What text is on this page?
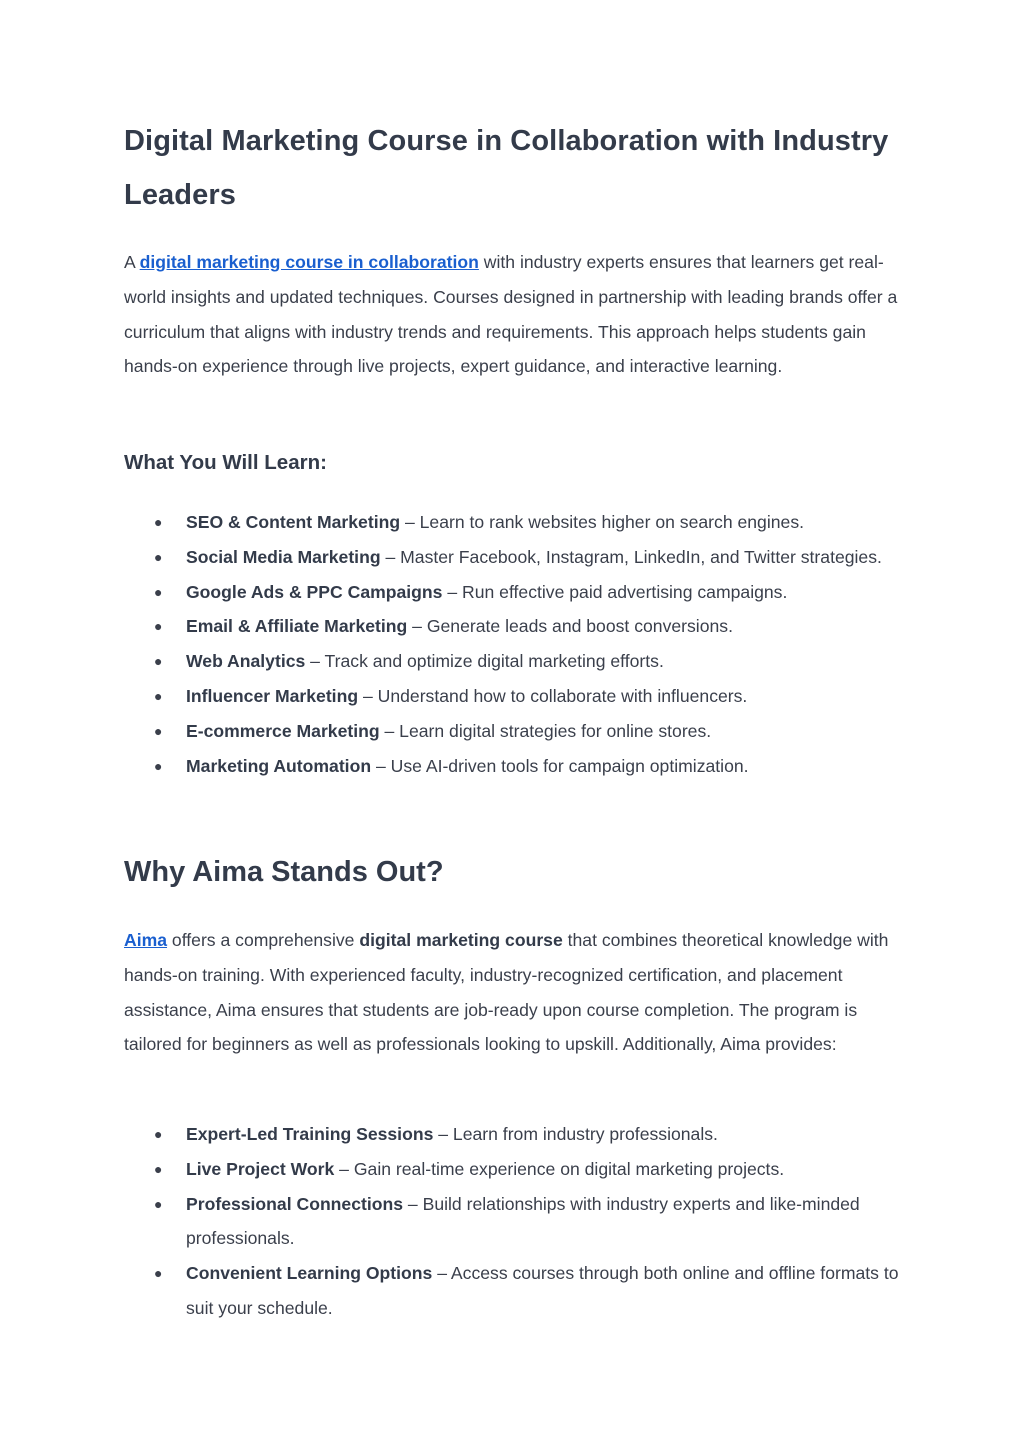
Digital Marketing Course in Collaboration with Industry Leaders

A digital marketing course in collaboration with industry experts ensures that learners get real-world insights and updated techniques. Courses designed in partnership with leading brands offer a curriculum that aligns with industry trends and requirements. This approach helps students gain hands-on experience through live projects, expert guidance, and interactive learning.

What You Will Learn:
● SEO & Content Marketing – Learn to rank websites higher on search engines.
● Social Media Marketing – Master Facebook, Instagram, LinkedIn, and Twitter strategies.
● Google Ads & PPC Campaigns – Run effective paid advertising campaigns.
● Email & Affiliate Marketing – Generate leads and boost conversions.
● Web Analytics – Track and optimize digital marketing efforts.
● Influencer Marketing – Understand how to collaborate with influencers.
● E-commerce Marketing – Learn digital strategies for online stores.
● Marketing Automation – Use AI-driven tools for campaign optimization.
Why Aima Stands Out?

Aima offers a comprehensive digital marketing course that combines theoretical knowledge with hands-on training. With experienced faculty, industry-recognized certification, and placement assistance, Aima ensures that students are job-ready upon course completion. The program is tailored for beginners as well as professionals looking to upskill. Additionally, Aima provides:

● Expert-Led Training Sessions – Learn from industry professionals.
● Live Project Work – Gain real-time experience on digital marketing projects.
● Professional Connections – Build relationships with industry experts and like-minded professionals.
● Convenient Learning Options – Access courses through both online and offline formats to suit your schedule.
